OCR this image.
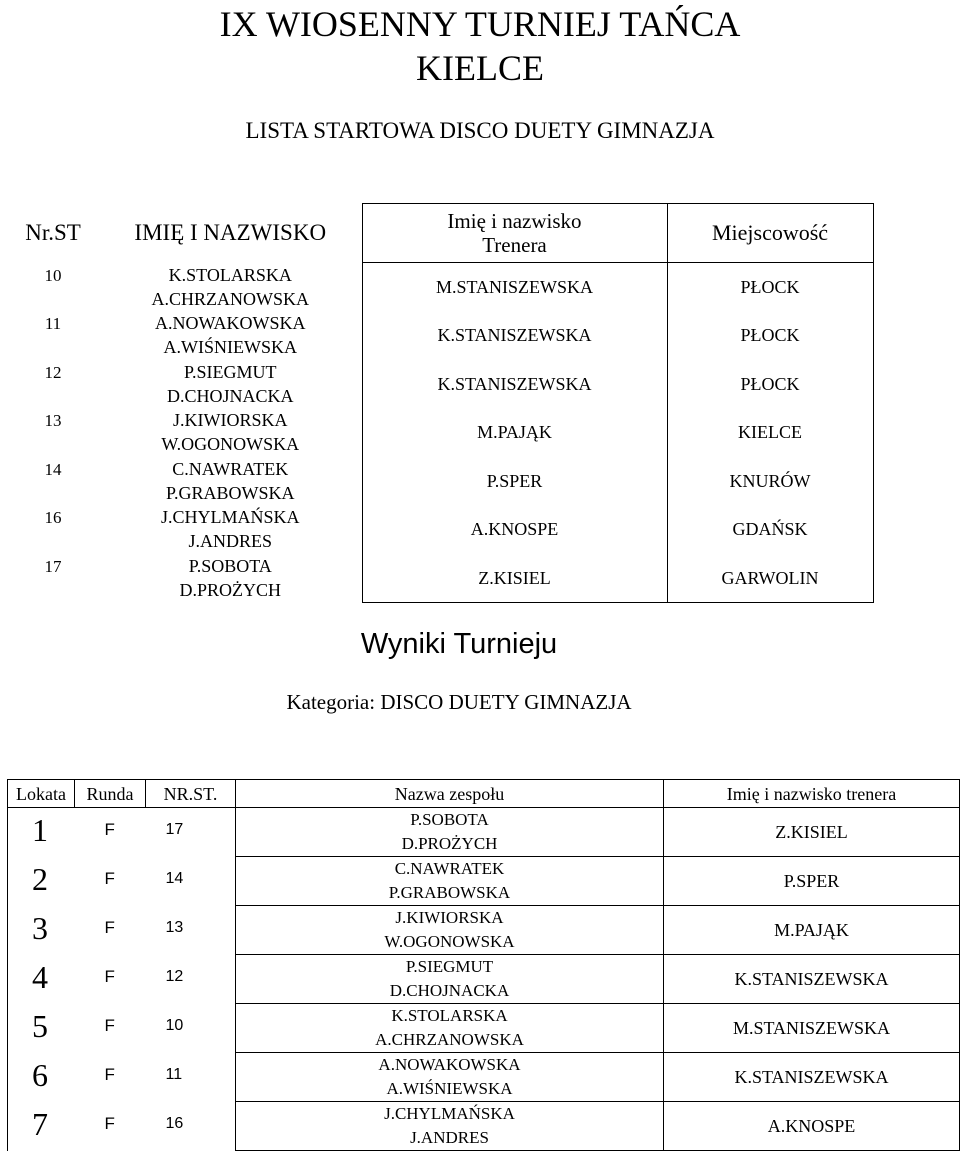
IX WIOSENNY TURNIEJ TAŃCA
KIELCE
LISTA STARTOWA DISCO DUETY GIMNAZJA
Nr.ST	IMIĘ I NAZWISKO	Imię i nazwisko
Trenera	Miejscowość
10	K.STOLARSKA
A.CHRZANOWSKA	M.STANISZEWSKA	PŁOCK
11	A.NOWAKOWSKA
A.WIŚNIEWSKA	K.STANISZEWSKA	PŁOCK
12	P.SIEGMUT
D.CHOJNACKA	K.STANISZEWSKA	PŁOCK
13	J.KIWIORSKA
W.OGONOWSKA	M.PAJĄK	KIELCE
14	C.NAWRATEK
P.GRABOWSKA	P.SPER	KNURÓW
16	J.CHYLMAŃSKA
J.ANDRES	A.KNOSPE	GDAŃSK
17	P.SOBOTA
D.PROŻYCH	Z.KISIEL	GARWOLIN
Wyniki Turnieju
Kategoria: DISCO DUETY GIMNAZJA
Lokata	Runda	NR.ST.	Nazwa zespołu	Imię i nazwisko trenera
1	F	17	P.SOBOTA
D.PROŻYCH	Z.KISIEL
2	F	14	C.NAWRATEK
P.GRABOWSKA	P.SPER
3	F	13	J.KIWIORSKA
W.OGONOWSKA	M.PAJĄK
4	F	12	P.SIEGMUT
D.CHOJNACKA	K.STANISZEWSKA
5	F	10	K.STOLARSKA
A.CHRZANOWSKA	M.STANISZEWSKA
6	F	11	A.NOWAKOWSKA
A.WIŚNIEWSKA	K.STANISZEWSKA
7	F	16	J.CHYLMAŃSKA
J.ANDRES	A.KNOSPE
